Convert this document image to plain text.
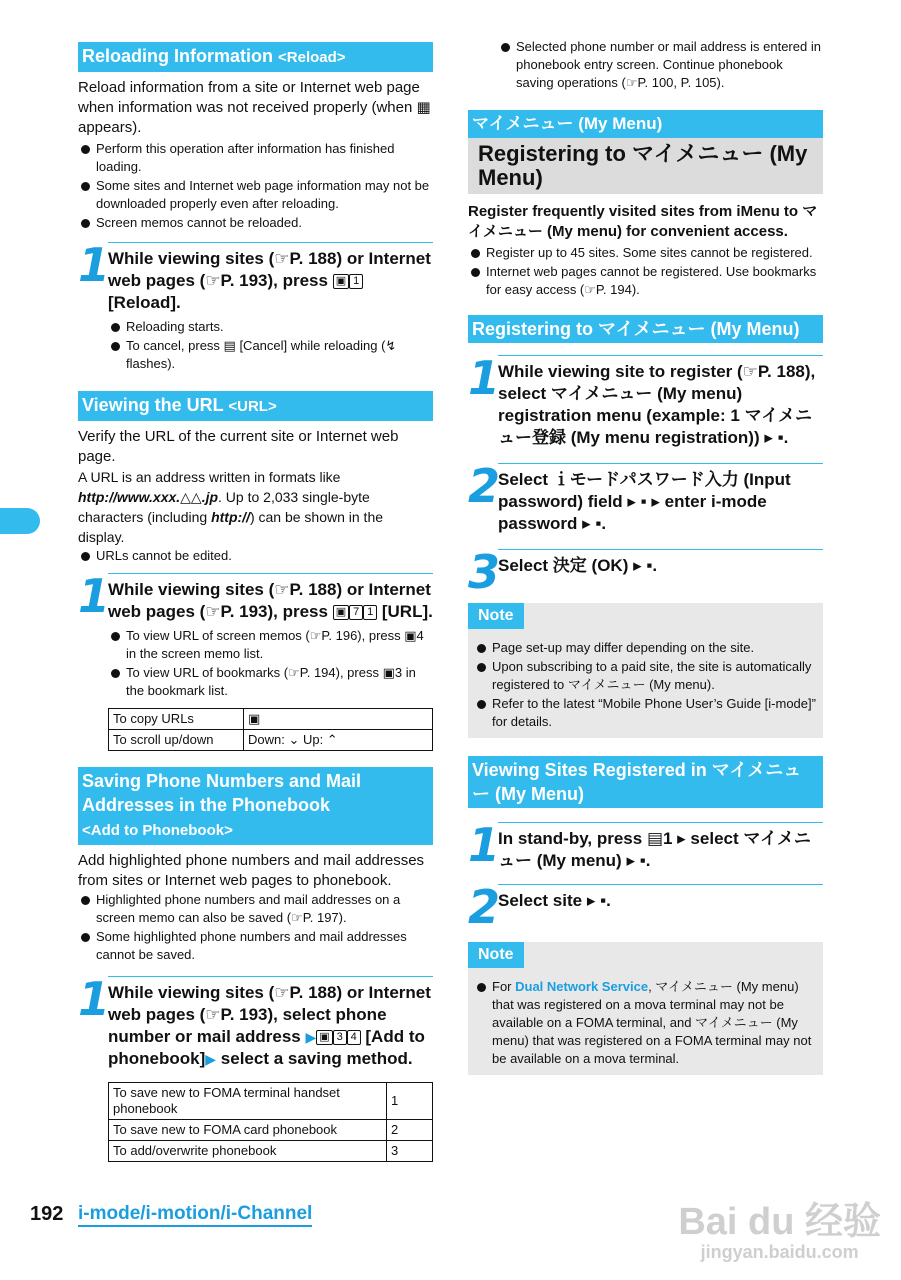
Reloading Information <Reload>

Reload information from a site or Internet web page when information was not received properly (when ▦ appears).

Perform this operation after information has finished loading.
Some sites and Internet web page information may not be downloaded properly even after reloading.
Screen memos cannot be reloaded.
1
While viewing sites (☞P. 188) or Internet web pages (☞P. 193), press ▣ 1 [Reload].
Reloading starts.
To cancel, press ▤ [Cancel] while reloading (↯ flashes).
Viewing the URL <URL>

Verify the URL of the current site or Internet web page.

A URL is an address written in formats like http://www.xxx.△△.jp. Up to 2,033 single-byte characters (including http://) can be shown in the display.

URLs cannot be edited.
1
While viewing sites (☞P. 188) or Internet web pages (☞P. 193), press ▣ 7 1 [URL].
To view URL of screen memos (☞P. 196), press ▣4 in the screen memo list.
To view URL of bookmarks (☞P. 194), press ▣3 in the bookmark list.
To copy URLs	▣
To scroll up/down	Down: ⌄ Up: ⌃
Saving Phone Numbers and Mail Addresses in the Phonebook
<Add to Phonebook>

Add highlighted phone numbers and mail addresses from sites or Internet web pages to phonebook.

Highlighted phone numbers and mail addresses on a screen memo can also be saved (☞P. 197).
Some highlighted phone numbers and mail addresses cannot be saved.
1
While viewing sites (☞P. 188) or Internet web pages (☞P. 193), select phone number or mail address ▶ ▣ 3 4 [Add to phonebook]▶ select a saving method.
To save new to FOMA terminal handset phonebook	1
To save new to FOMA card phonebook	2
To add/overwrite phonebook	3
Selected phone number or mail address is entered in phonebook entry screen. Continue phonebook saving operations (☞P. 100, P. 105).
マイメニュー (My Menu)
Registering to マイメニュー (My Menu)

Register frequently visited sites from iMenu to マイメニュー (My menu) for convenient access.

Register up to 45 sites. Some sites cannot be registered.
Internet web pages cannot be registered. Use bookmarks for easy access (☞P. 194).
Registering to マイメニュー (My Menu)
1
While viewing site to register (☞P. 188), select マイメニュー (My menu) registration menu (example: 1 マイメニュー登録 (My menu registration)) ▸ ▪.
2
Select ｉモードパスワード入力 (Input password) field ▸ ▪ ▸ enter i-mode password ▸ ▪.
3
Select 決定 (OK) ▸ ▪.
Note
Page set-up may differ depending on the site.
Upon subscribing to a paid site, the site is automatically registered to マイメニュー (My menu).
Refer to the latest “Mobile Phone User’s Guide [i-mode]” for details.
Viewing Sites Registered in マイメニュー (My Menu)
1
In stand-by, press ▤1 ▸ select マイメニュー (My menu) ▸ ▪.
2
Select site ▸ ▪.
Note
For Dual Network Service, マイメニュー (My menu) that was registered on a mova terminal may not be available on a FOMA terminal, and マイメニュー (My menu) that was registered on a FOMA terminal may not be available on a mova terminal.
192 i-mode/i-motion/i-Channel	Bai du 经验
jingyan.baidu.com
